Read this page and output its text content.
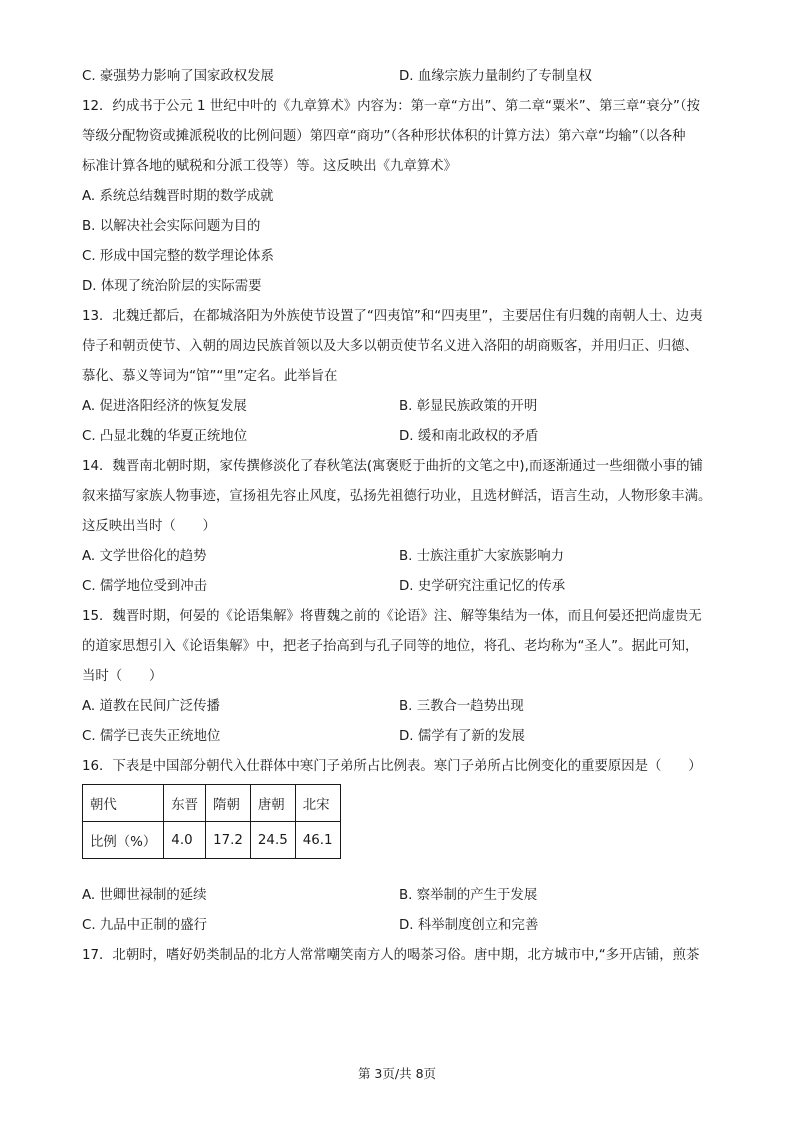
C. 豪强势力影响了国家政权发展	D. 血缘宗族力量制约了专制皇权
12．约成书于公元 1 世纪中叶的《九章算术》内容为：第一章“方出”、第二章“粟米”、第三章“衰分”（按
等级分配物资或摊派税收的比例问题）第四章“商功”（各种形状体积的计算方法）第六章“均输”（以各种
标准计算各地的赋税和分派工役等）等。这反映出《九章算术》
A. 系统总结魏晋时期的数学成就
B. 以解决社会实际问题为目的
C. 形成中国完整的数学理论体系
D. 体现了统治阶层的实际需要
13．北魏迁都后，在都城洛阳为外族使节设置了“四夷馆”和“四夷里”，主要居住有归魏的南朝人士、边夷
侍子和朝贡使节、入朝的周边民族首领以及大多以朝贡使节名义进入洛阳的胡商贩客，并用归正、归德、
慕化、慕义等词为“馆”“里”定名。此举旨在
A. 促进洛阳经济的恢复发展	B. 彰显民族政策的开明
C. 凸显北魏的华夏正统地位	D. 缓和南北政权的矛盾
14．魏晋南北朝时期，家传撰修淡化了春秋笔法(寓褒贬于曲折的文笔之中),而逐渐通过一些细微小事的铺
叙来描写家族人物事迹，宣扬祖先容止风度，弘扬先祖德行功业，且选材鲜活，语言生动，人物形象丰满。
这反映出当时（　　）
A. 文学世俗化的趋势	B. 士族注重扩大家族影响力
C. 儒学地位受到冲击	D. 史学研究注重记忆的传承
15．魏晋时期，何晏的《论语集解》将曹魏之前的《论语》注、解等集结为一体，而且何晏还把尚虚贵无
的道家思想引入《论语集解》中，把老子抬高到与孔子同等的地位，将孔、老均称为“圣人”。据此可知，
当时（　　）
A. 道教在民间广泛传播	B. 三教合一趋势出现
C. 儒学已丧失正统地位	D. 儒学有了新的发展
16．下表是中国部分朝代入仕群体中寒门子弟所占比例表。寒门子弟所占比例变化的重要原因是（　　）
朝代	东晋	隋朝	唐朝	北宋
比例（%）	4.0	17.2	24.5	46.1
A. 世卿世禄制的延续	B. 察举制的产生于发展
C. 九品中正制的盛行	D. 科举制度创立和完善
17．北朝时，嗜好奶类制品的北方人常常嘲笑南方人的喝茶习俗。唐中期，北方城市中,“多开店铺，煎茶
第 3页/共 8页
